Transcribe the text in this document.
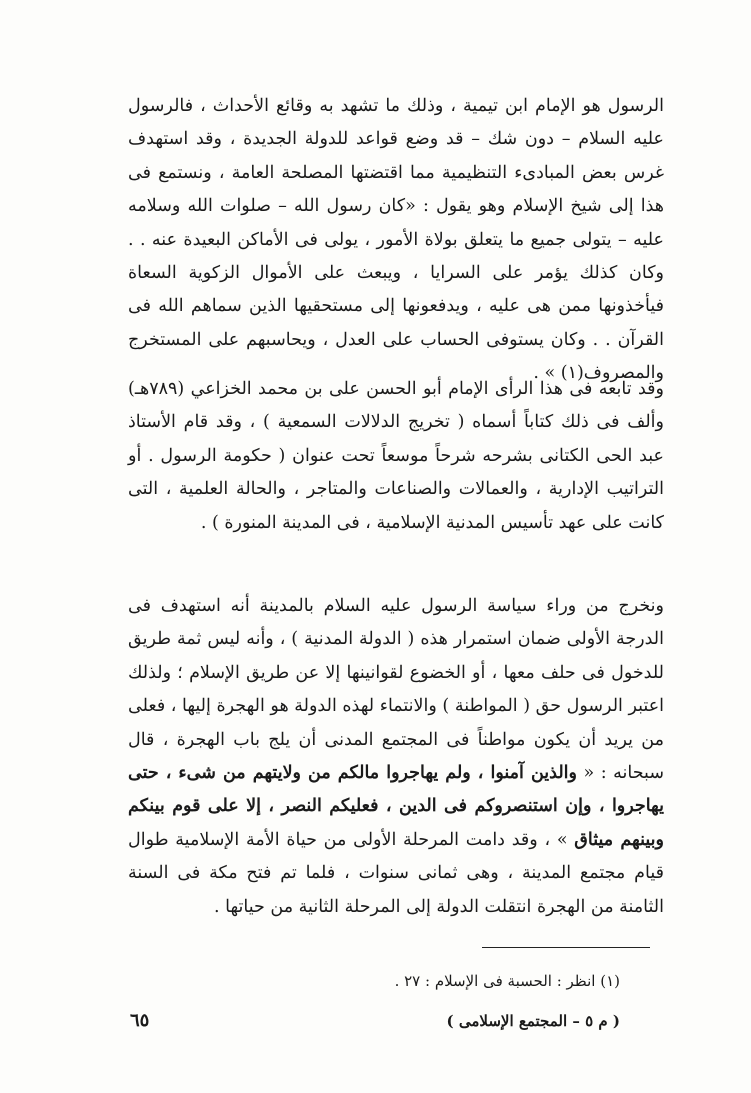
الرسول هو الإمام ابن تيمية ، وذلك ما تشهد به وقائع الأحداث ، فالرسول عليه السلام – دون شك – قد وضع قواعد للدولة الجديدة ، وقد استهدف غرس بعض المبادىء التنظيمية مما اقتضتها المصلحة العامة ، ونستمع فى هذا إلى شيخ الإسلام وهو يقول : «كان رسول الله – صلوات الله وسلامه عليه – يتولى جميع ما يتعلق بولاة الأمور ، يولى فى الأماكن البعيدة عنه . . وكان كذلك يؤمر على السرايا ، ويبعث على الأموال الزكوية السعاة فيأخذونها ممن هى عليه ، ويدفعونها إلى مستحقيها الذين سماهم الله فى القرآن . . وكان يستوفى الحساب على العدل ، ويحاسبهم على المستخرج والمصروف(١) » .

وقد تابعه فى هذا الرأى الإمام أبو الحسن على بن محمد الخزاعي (٧٨٩هـ) وألف فى ذلك كتاباً أسماه ( تخريج الدلالات السمعية ) ، وقد قام الأستاذ عبد الحى الكتانى بشرحه شرحاً موسعاً تحت عنوان ( حكومة الرسول . أو التراتيب الإدارية ، والعمالات والصناعات والمتاجر ، والحالة العلمية ، التى كانت على عهد تأسيس المدنية الإسلامية ، فى المدينة المنورة ) .

ونخرج من وراء سياسة الرسول عليه السلام بالمدينة أنه استهدف فى الدرجة الأولى ضمان استمرار هذه ( الدولة المدنية ) ، وأنه ليس ثمة طريق للدخول فى حلف معها ، أو الخضوع لقوانينها إلا عن طريق الإسلام ؛ ولذلك اعتبر الرسول حق ( المواطنة ) والانتماء لهذه الدولة هو الهجرة إليها ، فعلى من يريد أن يكون مواطناً فى المجتمع المدنى أن يلج باب الهجرة ، قال سبحانه : « والذين آمنوا ، ولم يهاجروا مالكم من ولايتهم من شىء ، حتى يهاجروا ، وإن استنصروكم فى الدين ، فعليكم النصر ، إلا على قوم بينكم وبينهم ميثاق » ، وقد دامت المرحلة الأولى من حياة الأمة الإسلامية طوال قيام مجتمع المدينة ، وهى ثمانى سنوات ، فلما تم فتح مكة فى السنة الثامنة من الهجرة انتقلت الدولة إلى المرحلة الثانية من حياتها .

(١) انظر : الحسبة فى الإسلام : ٢٧ .
٦٥	( م ٥ – المجتمع الإسلامى )
